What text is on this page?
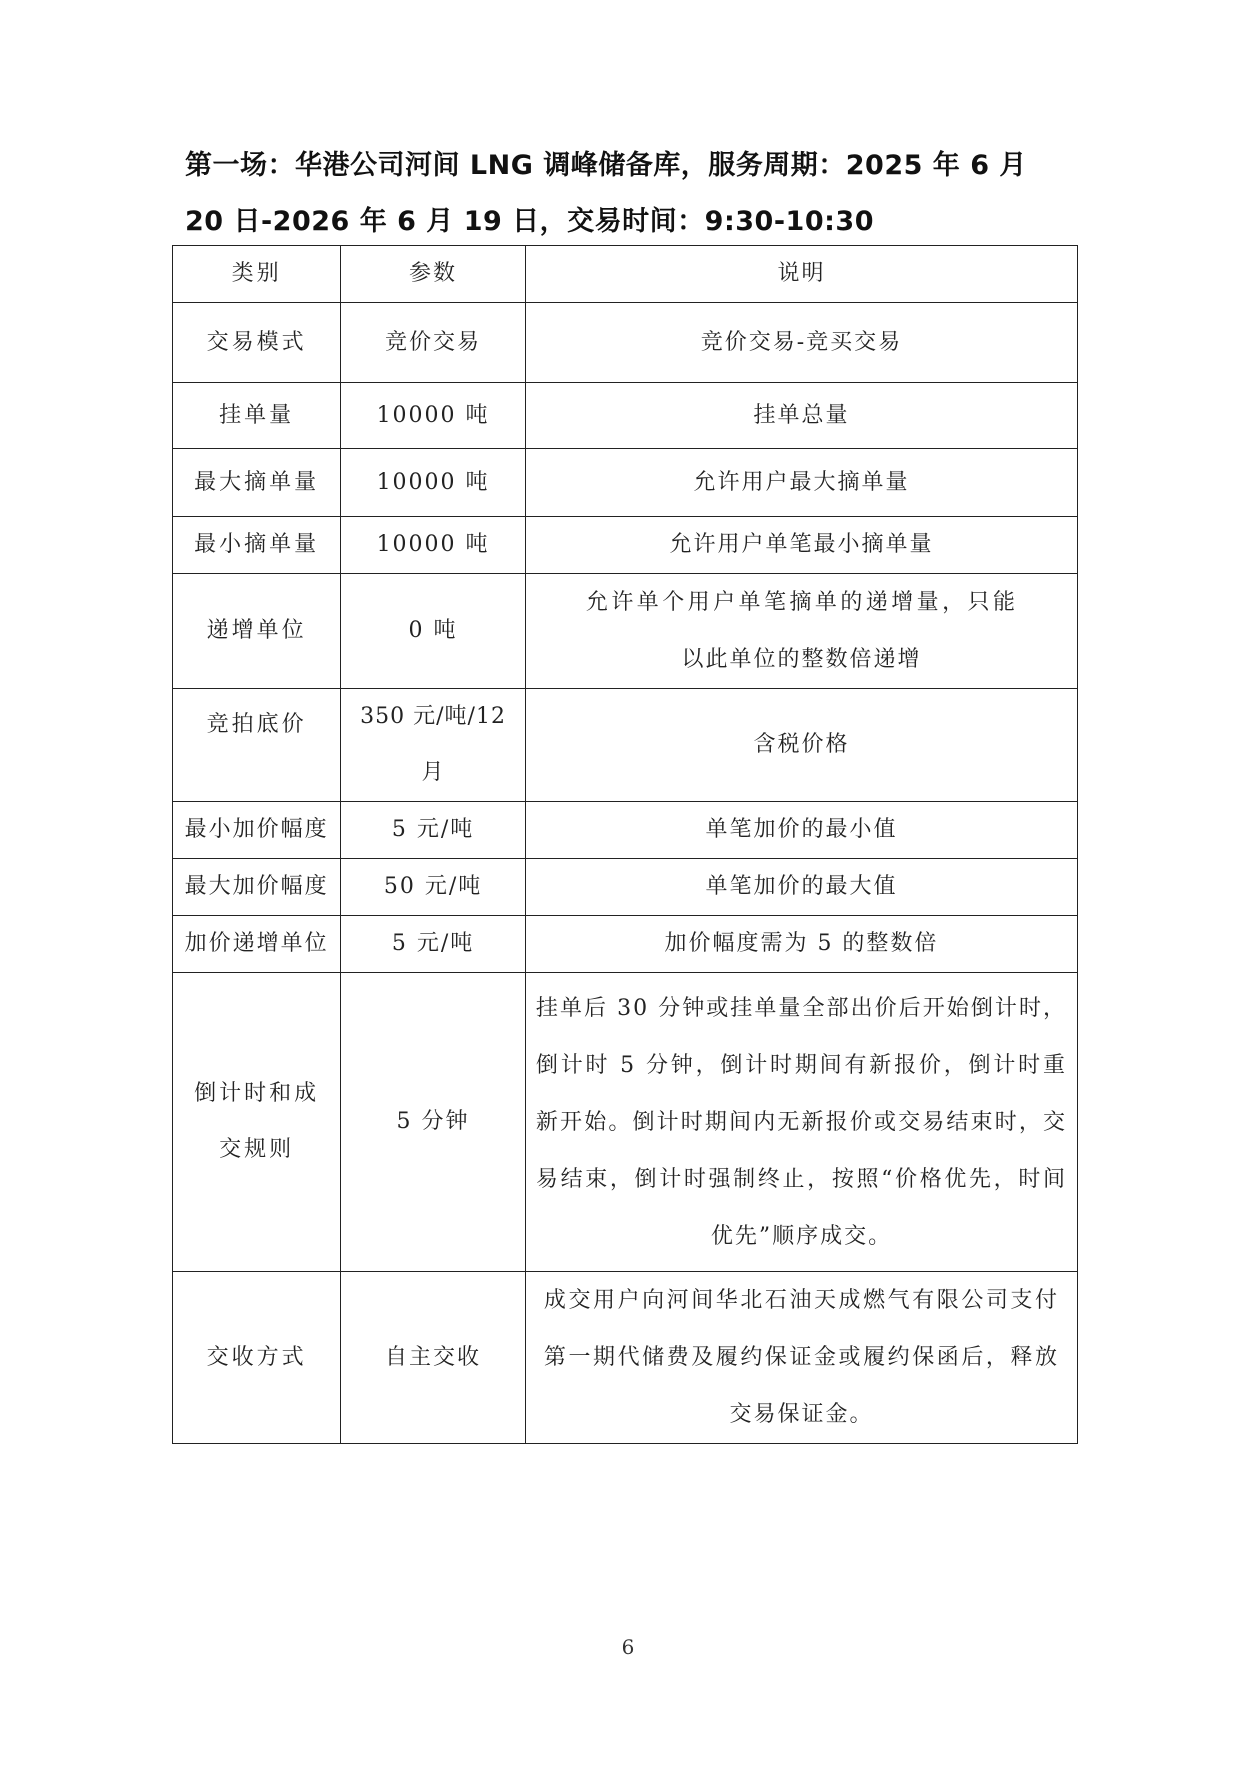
第一场：华港公司河间 LNG 调峰储备库，服务周期：2025 年 6 月
20 日-2026 年 6 月 19 日，交易时间：9:30-10:30
类别	参数	说明
交易模式	竞价交易	竞价交易-竞买交易
挂单量	10000 吨	挂单总量
最大摘单量	10000 吨	允许用户最大摘单量
最小摘单量	10000 吨	允许用户单笔最小摘单量
递增单位	0 吨	允许单个用户单笔摘单的递增量，只能以此单位的整数倍递增
竞拍底价	350 元/吨/12 月	含税价格
最小加价幅度	5 元/吨	单笔加价的最小值
最大加价幅度	50 元/吨	单笔加价的最大值
加价递增单位	5 元/吨	加价幅度需为 5 的整数倍
倒计时和成交规则	5 分钟	挂单后 30 分钟或挂单量全部出价后开始倒计时，倒计时 5 分钟，倒计时期间有新报价，倒计时重新开始。倒计时期间内无新报价或交易结束时，交易结束，倒计时强制终止，按照“价格优先，时间优先”顺序成交。
交收方式	自主交收	成交用户向河间华北石油天成燃气有限公司支付第一期代储费及履约保证金或履约保函后，释放交易保证金。
6
